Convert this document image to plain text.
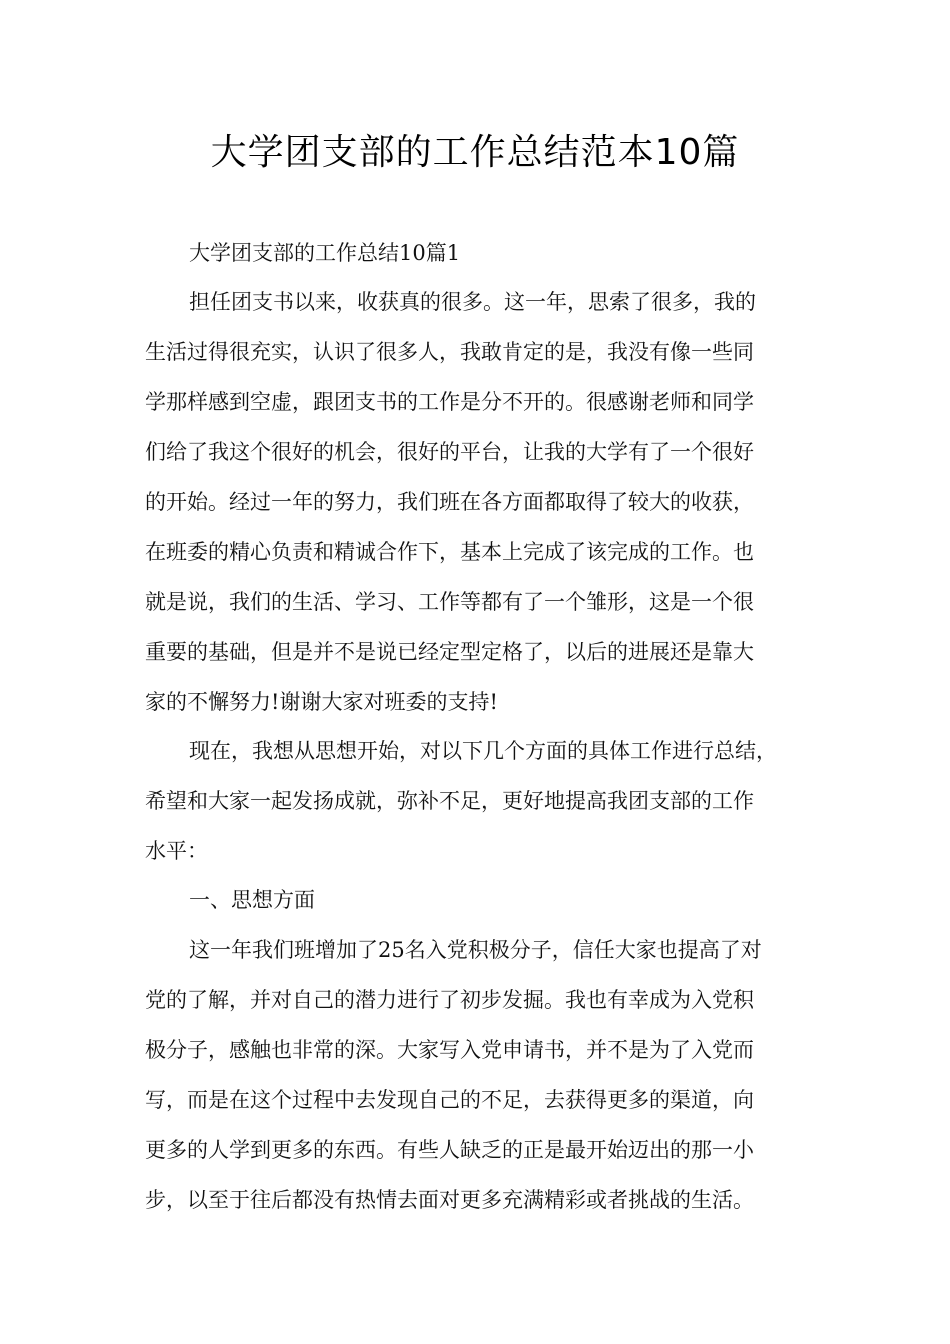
大学团支部的工作总结范本10篇
大学团支部的工作总结10篇1
担任团支书以来，收获真的很多。这一年，思索了很多，我的
生活过得很充实，认识了很多人，我敢肯定的是，我没有像一些同
学那样感到空虚，跟团支书的工作是分不开的。很感谢老师和同学
们给了我这个很好的机会，很好的平台，让我的大学有了一个很好
的开始。经过一年的努力，我们班在各方面都取得了较大的收获，
在班委的精心负责和精诚合作下，基本上完成了该完成的工作。也
就是说，我们的生活、学习、工作等都有了一个雏形，这是一个很
重要的基础，但是并不是说已经定型定格了，以后的进展还是靠大
家的不懈努力!谢谢大家对班委的支持!
现在，我想从思想开始，对以下几个方面的具体工作进行总结，
希望和大家一起发扬成就，弥补不足，更好地提高我团支部的工作
水平：
一、思想方面
这一年我们班增加了25名入党积极分子，信任大家也提高了对
党的了解，并对自己的潜力进行了初步发掘。我也有幸成为入党积
极分子，感触也非常的深。大家写入党申请书，并不是为了入党而
写，而是在这个过程中去发现自己的不足，去获得更多的渠道，向
更多的人学到更多的东西。有些人缺乏的正是最开始迈出的那一小
步，以至于往后都没有热情去面对更多充满精彩或者挑战的生活。
